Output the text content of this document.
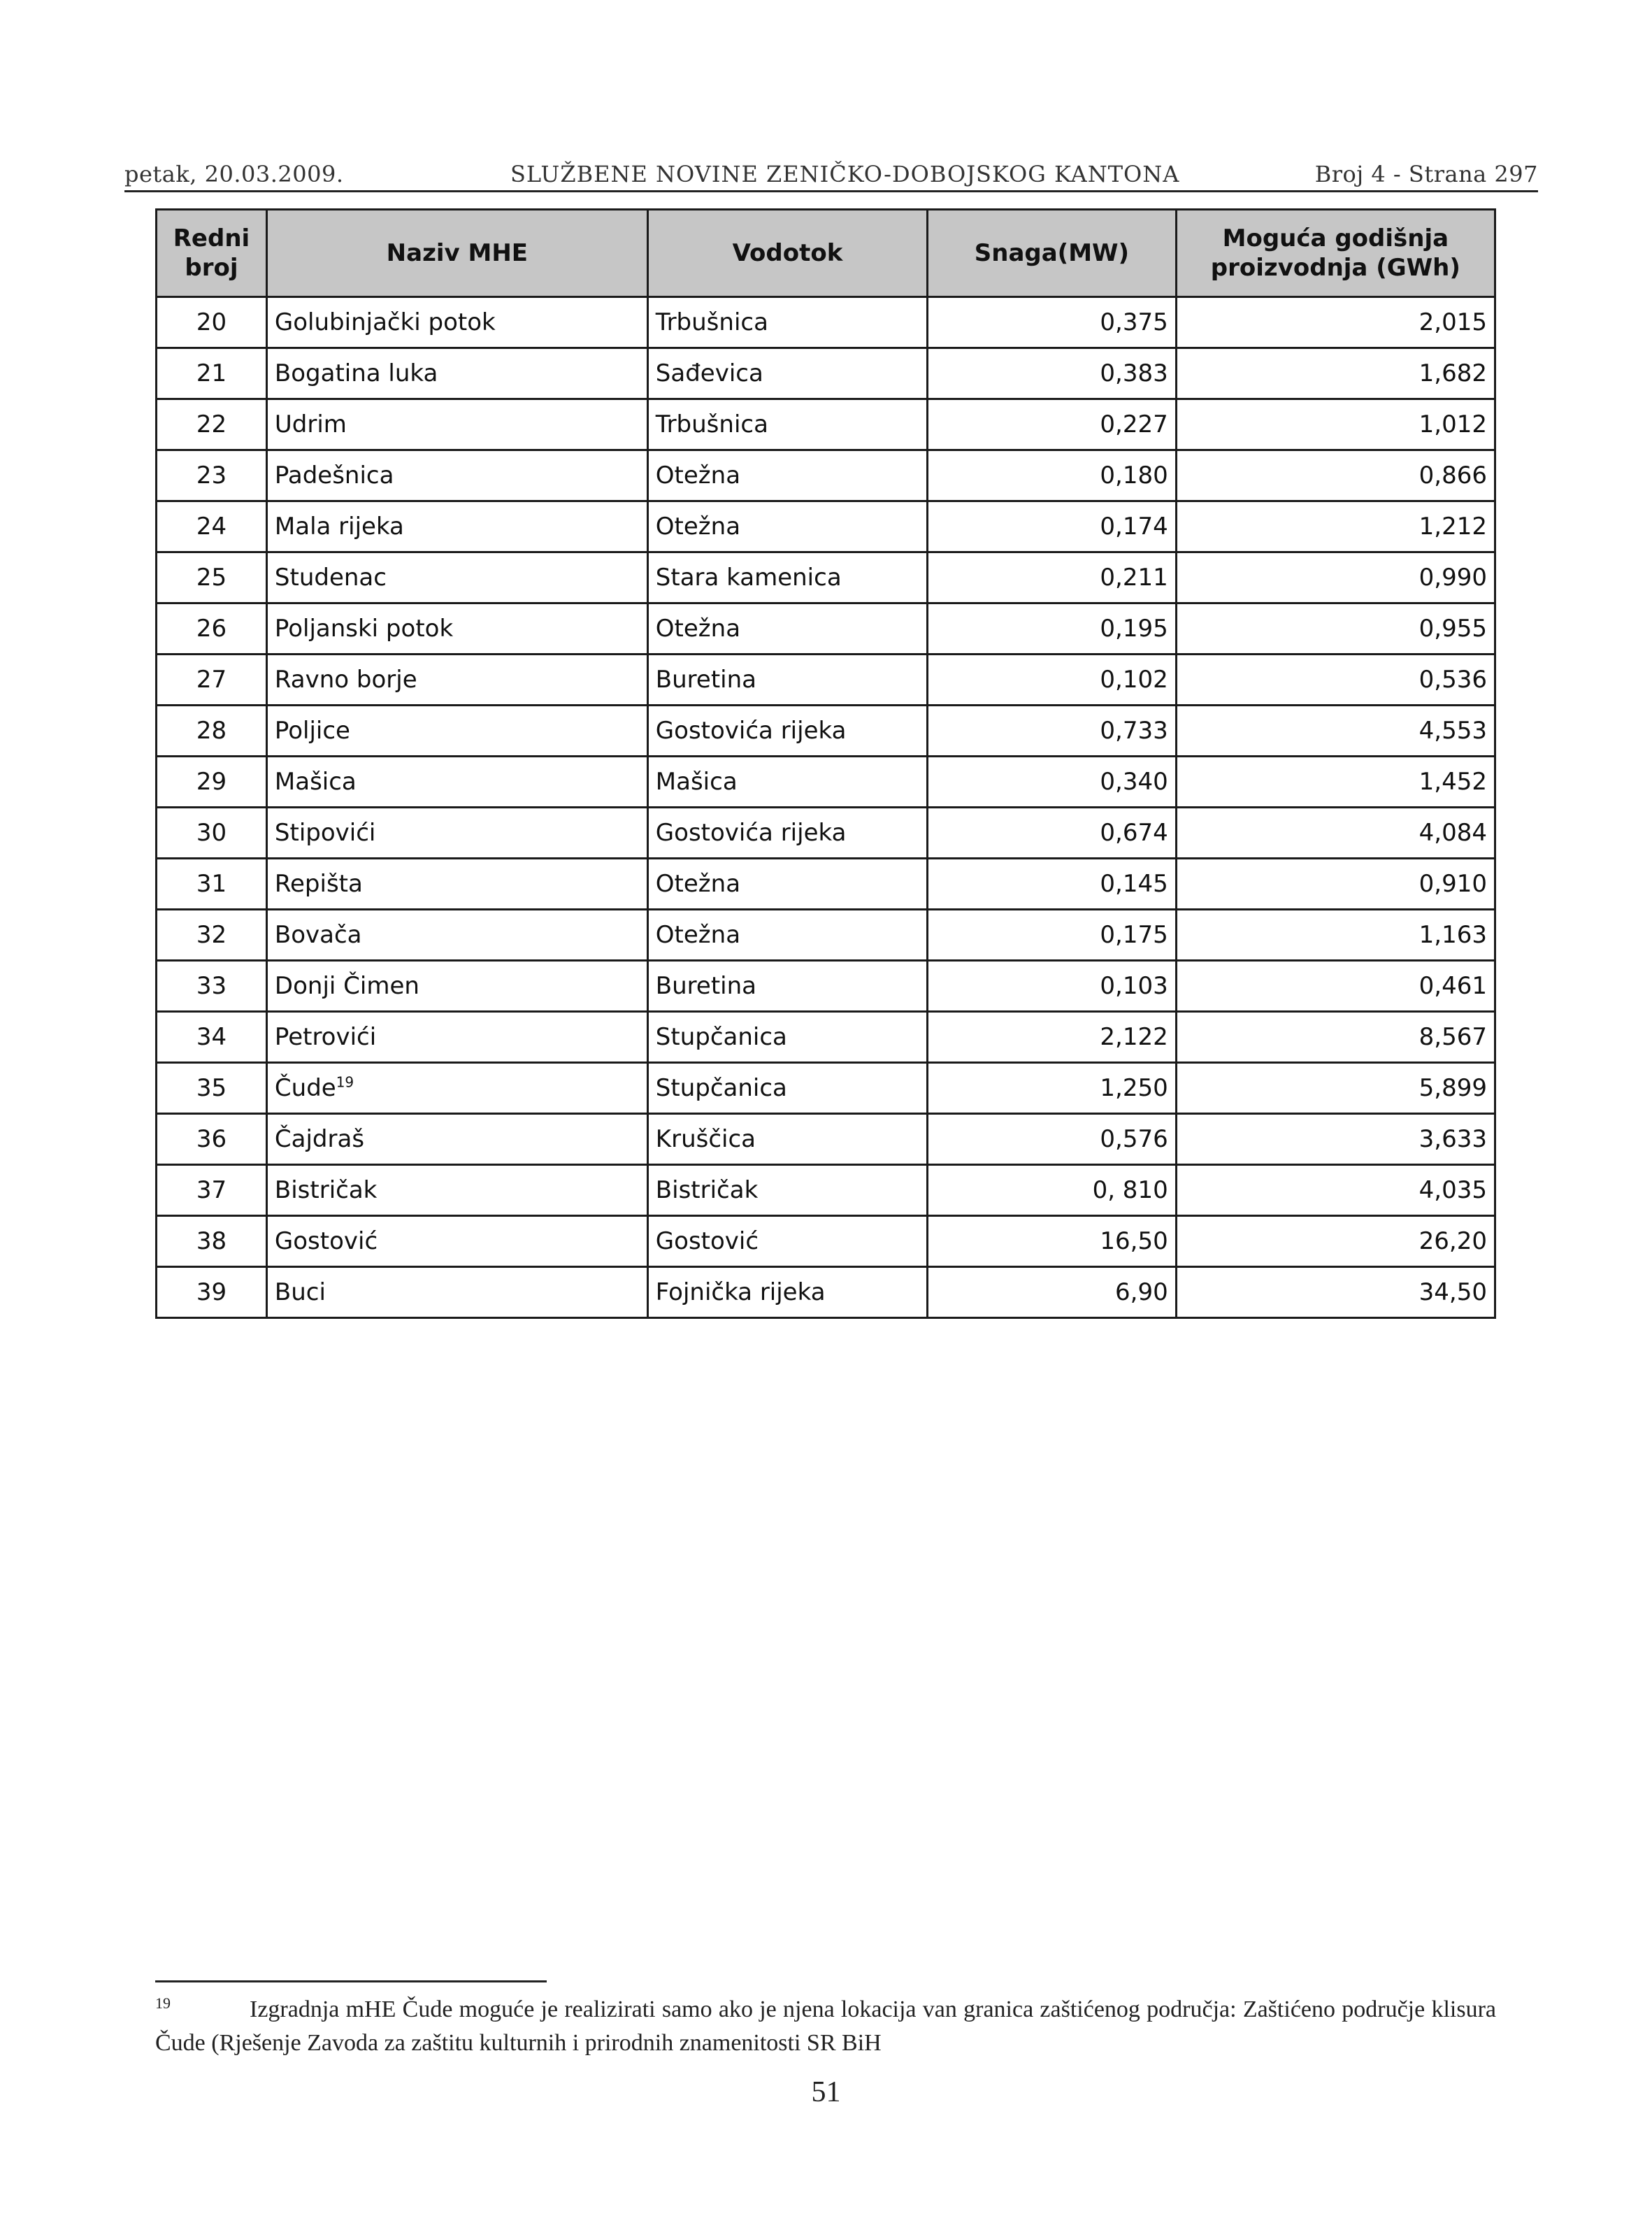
petak, 20.03.2009.	SLUŽBENE NOVINE ZENIČKO-DOBOJSKOG KANTONA	Broj 4 - Strana 297
Redni broj	Naziv MHE	Vodotok	Snaga(MW)	Moguća godišnja proizvodnja (GWh)
20	Golubinjački potok	Trbušnica	0,375	2,015
21	Bogatina luka	Sađevica	0,383	1,682
22	Udrim	Trbušnica	0,227	1,012
23	Padešnica	Otežna	0,180	0,866
24	Mala rijeka	Otežna	0,174	1,212
25	Studenac	Stara kamenica	0,211	0,990
26	Poljanski potok	Otežna	0,195	0,955
27	Ravno borje	Buretina	0,102	0,536
28	Poljice	Gostovića rijeka	0,733	4,553
29	Mašica	Mašica	0,340	1,452
30	Stipovići	Gostovića rijeka	0,674	4,084
31	Repišta	Otežna	0,145	0,910
32	Bovača	Otežna	0,175	1,163
33	Donji Čimen	Buretina	0,103	0,461
34	Petrovići	Stupčanica	2,122	8,567
35	Čude$^{19}$	Stupčanica	1,250	5,899
36	Čajdraš	Kruščica	0,576	3,633
37	Bistričak	Bistričak	0, 810	4,035
38	Gostović	Gostović	16,50	26,20
39	Buci	Fojnička rijeka	6,90	34,50
19	Izgradnja mHE Čude moguće je realizirati samo ako je njena lokacija van granica zaštićenog područja: Zaštićeno područje klisura Čude (Rješenje Zavoda za zaštitu kulturnih i prirodnih znamenitosti SR BiH
51
